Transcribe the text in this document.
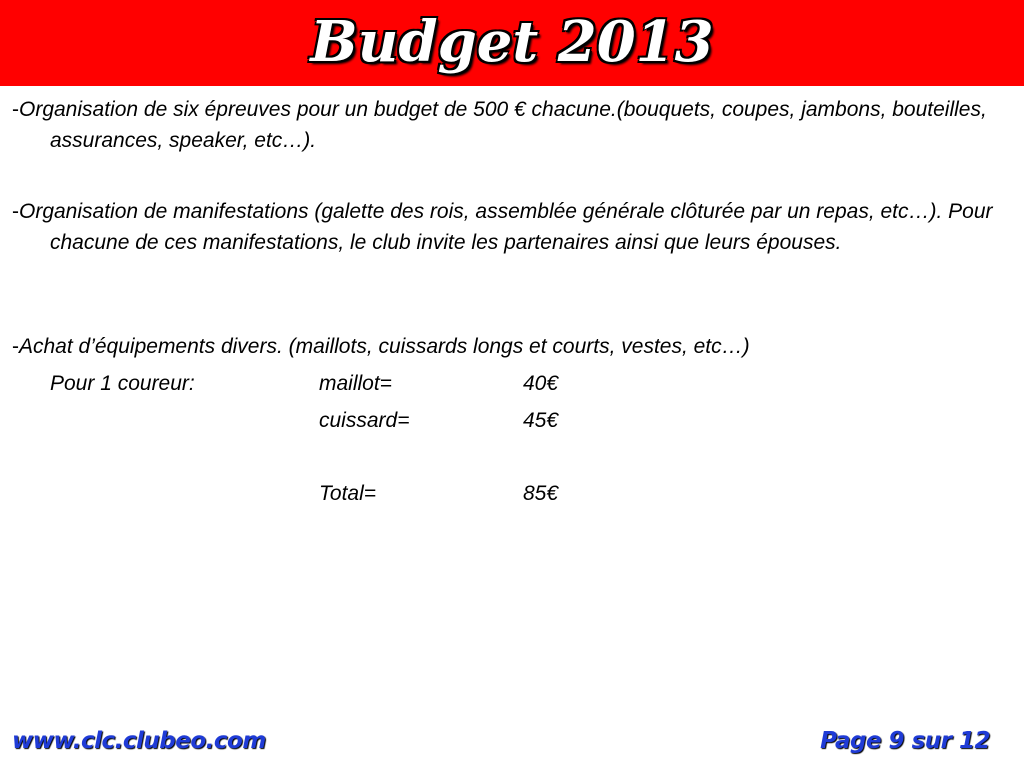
Budget 2013
-Organisation de six épreuves pour un budget de 500 € chacune.(bouquets, coupes, jambons, bouteilles, assurances, speaker, etc…).
-Organisation de manifestations (galette des rois, assemblée générale clôturée par un repas, etc…). Pour chacune de ces manifestations, le club invite les partenaires ainsi que leurs épouses.
-Achat d’équipements divers. (maillots, cuissards longs et courts, vestes, etc…)
Pour 1 coureur:	maillot=	40€
cuissard=	45€
Total=	85€
www.clc.clubeo.com	Page 9 sur 12
